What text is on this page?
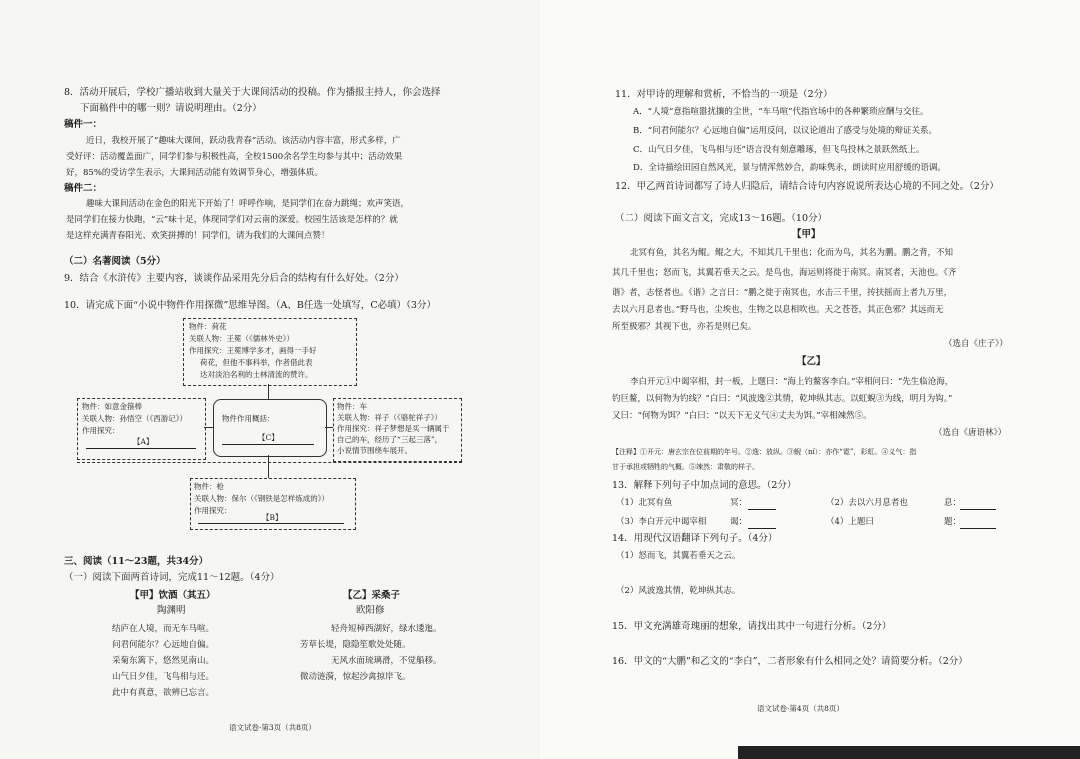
8．活动开展后，学校广播站收到大量关于大课间活动的投稿。作为播报主持人，你会选择

下面稿件中的哪一则？请说明理由。（2分）

稿件一：

近日，我校开展了“趣味大课间，跃动我青春”活动。该活动内容丰富，形式多样，广

受好评：活动覆盖面广，同学们参与积极性高，全校1500余名学生均参与其中；活动效果

好，85%的受访学生表示，大课间活动能有效调节身心，增强体质。

稿件二：

趣味大课间活动在金色的阳光下开始了！呼呼作响，是同学们在奋力跳绳；欢声笑语，

是同学们在接力快跑，“云”味十足，体现同学们对云南的深爱。校园生活该是怎样的？就

是这样充满青春阳光、欢笑拼搏的！同学们，请为我们的大课间点赞！

（二）名著阅读（5分）

9．结合《水浒传》主要内容，谈谈作品采用先分后合的结构有什么好处。（2分）

10．请完成下面“小说中物件作用探微”思维导图。（A、B任选一处填写，C必填）（3分）

物件：荷花

关联人物：王冕（《儒林外史》）

作用探究：王冕博学多才，画得一手好

荷花，但他不事科举，作者借此表

达对淡泊名利的士林清流的赞许。

物件：如意金箍棒

关联人物：孙悟空（《西游记》）

作用探究：

【A】

物件作用概括：

【C】

物件：车

关联人物：祥子（《骆驼祥子》）

作用探究：祥子梦想是买一辆属于

自己的车，经历了“三起三落”，

小说情节围绕车展开。

物件：枪

关联人物：保尔（《钢铁是怎样炼成的》）

作用探究：

【B】

三、阅读（11～23题，共34分）

（一）阅读下面两首诗词，完成11～12题。（4分）

【甲】饮酒（其五）

陶渊明

结庐在人境，而无车马喧。

问君何能尔？心远地自偏。

采菊东篱下，悠然见南山。

山气日夕佳，飞鸟相与还。

此中有真意，欲辨已忘言。

【乙】采桑子

欧阳修

轻舟短棹西湖好，绿水逶迤。

芳草长堤，隐隐笙歌处处随。

无风水面琉璃滑，不觉船移。

微动涟漪，惊起沙禽掠岸飞。

语文试卷·第3页（共8页）

11．对甲诗的理解和赏析，不恰当的一项是（2分）

A．“人境”意指喧嚣扰攘的尘世，“车马喧”代指官场中的各种繁琐应酬与交往。

B．“问君何能尔？心远地自偏”运用反问，以议论道出了感受与处境的辩证关系。

C．山气日夕佳，飞鸟相与还”语言没有刻意雕琢，但飞鸟投林之景跃然纸上。

D．全诗描绘田园自然风光，景与情浑然妙合，韵味隽永，朗读时应用舒缓的语调。

12．甲乙两首诗词都写了诗人归隐后，请结合诗句内容说说所表达心境的不同之处。（2分）

（二）阅读下面文言文，完成13～16题。（10分）

【甲】

北冥有鱼，其名为鲲。鲲之大，不知其几千里也；化而为鸟，其名为鹏。鹏之背，不知

其几千里也；怒而飞，其翼若垂天之云。是鸟也，海运则将徙于南冥。南冥者，天池也。《齐

谐》者，志怪者也。《谐》之言曰：“鹏之徙于南冥也，水击三千里，抟扶摇而上者九万里，

去以六月息者也。”野马也，尘埃也，生物之以息相吹也。天之苍苍，其正色邪？其远而无

所至极邪？其视下也，亦若是则已矣。

（选自《庄子》）

【乙】

李白开元①中谒宰相，封一板，上题曰：“海上钓鳌客李白。”宰相问曰：“先生临沧海，

钓巨鳌，以何物为钓线？”白曰：“风波逸②其情，乾坤纵其志。以虹蜺③为线，明月为钩。”

又曰：“何物为饵？”白曰：“以天下无义气④丈夫为饵。”宰相竦然⑤。

（选自《唐语林》）

【注释】①开元：唐玄宗在位前期的年号。②逸：放纵。③蜺（ní）：亦作“霓”，彩虹。④义气：指

甘于承担或牺牲的气概。⑤竦然：肃敬的样子。

13．解释下列句子中加点词的意思。（2分）

（1）北冥有鱼	冥：	（2）去以六月息者也	息：

（3）李白开元中谒宰相	谒：	（4）上题曰	题：

14．用现代汉语翻译下列句子。（4分）

（1）怒而飞，其翼若垂天之云。

（2）风波逸其情，乾坤纵其志。

15．甲文充满雄奇瑰丽的想象，请找出其中一句进行分析。（2分）

16．甲文的“大鹏”和乙文的“李白”，二者形象有什么相同之处？请简要分析。（2分）

语文试卷·第4页（共8页）
